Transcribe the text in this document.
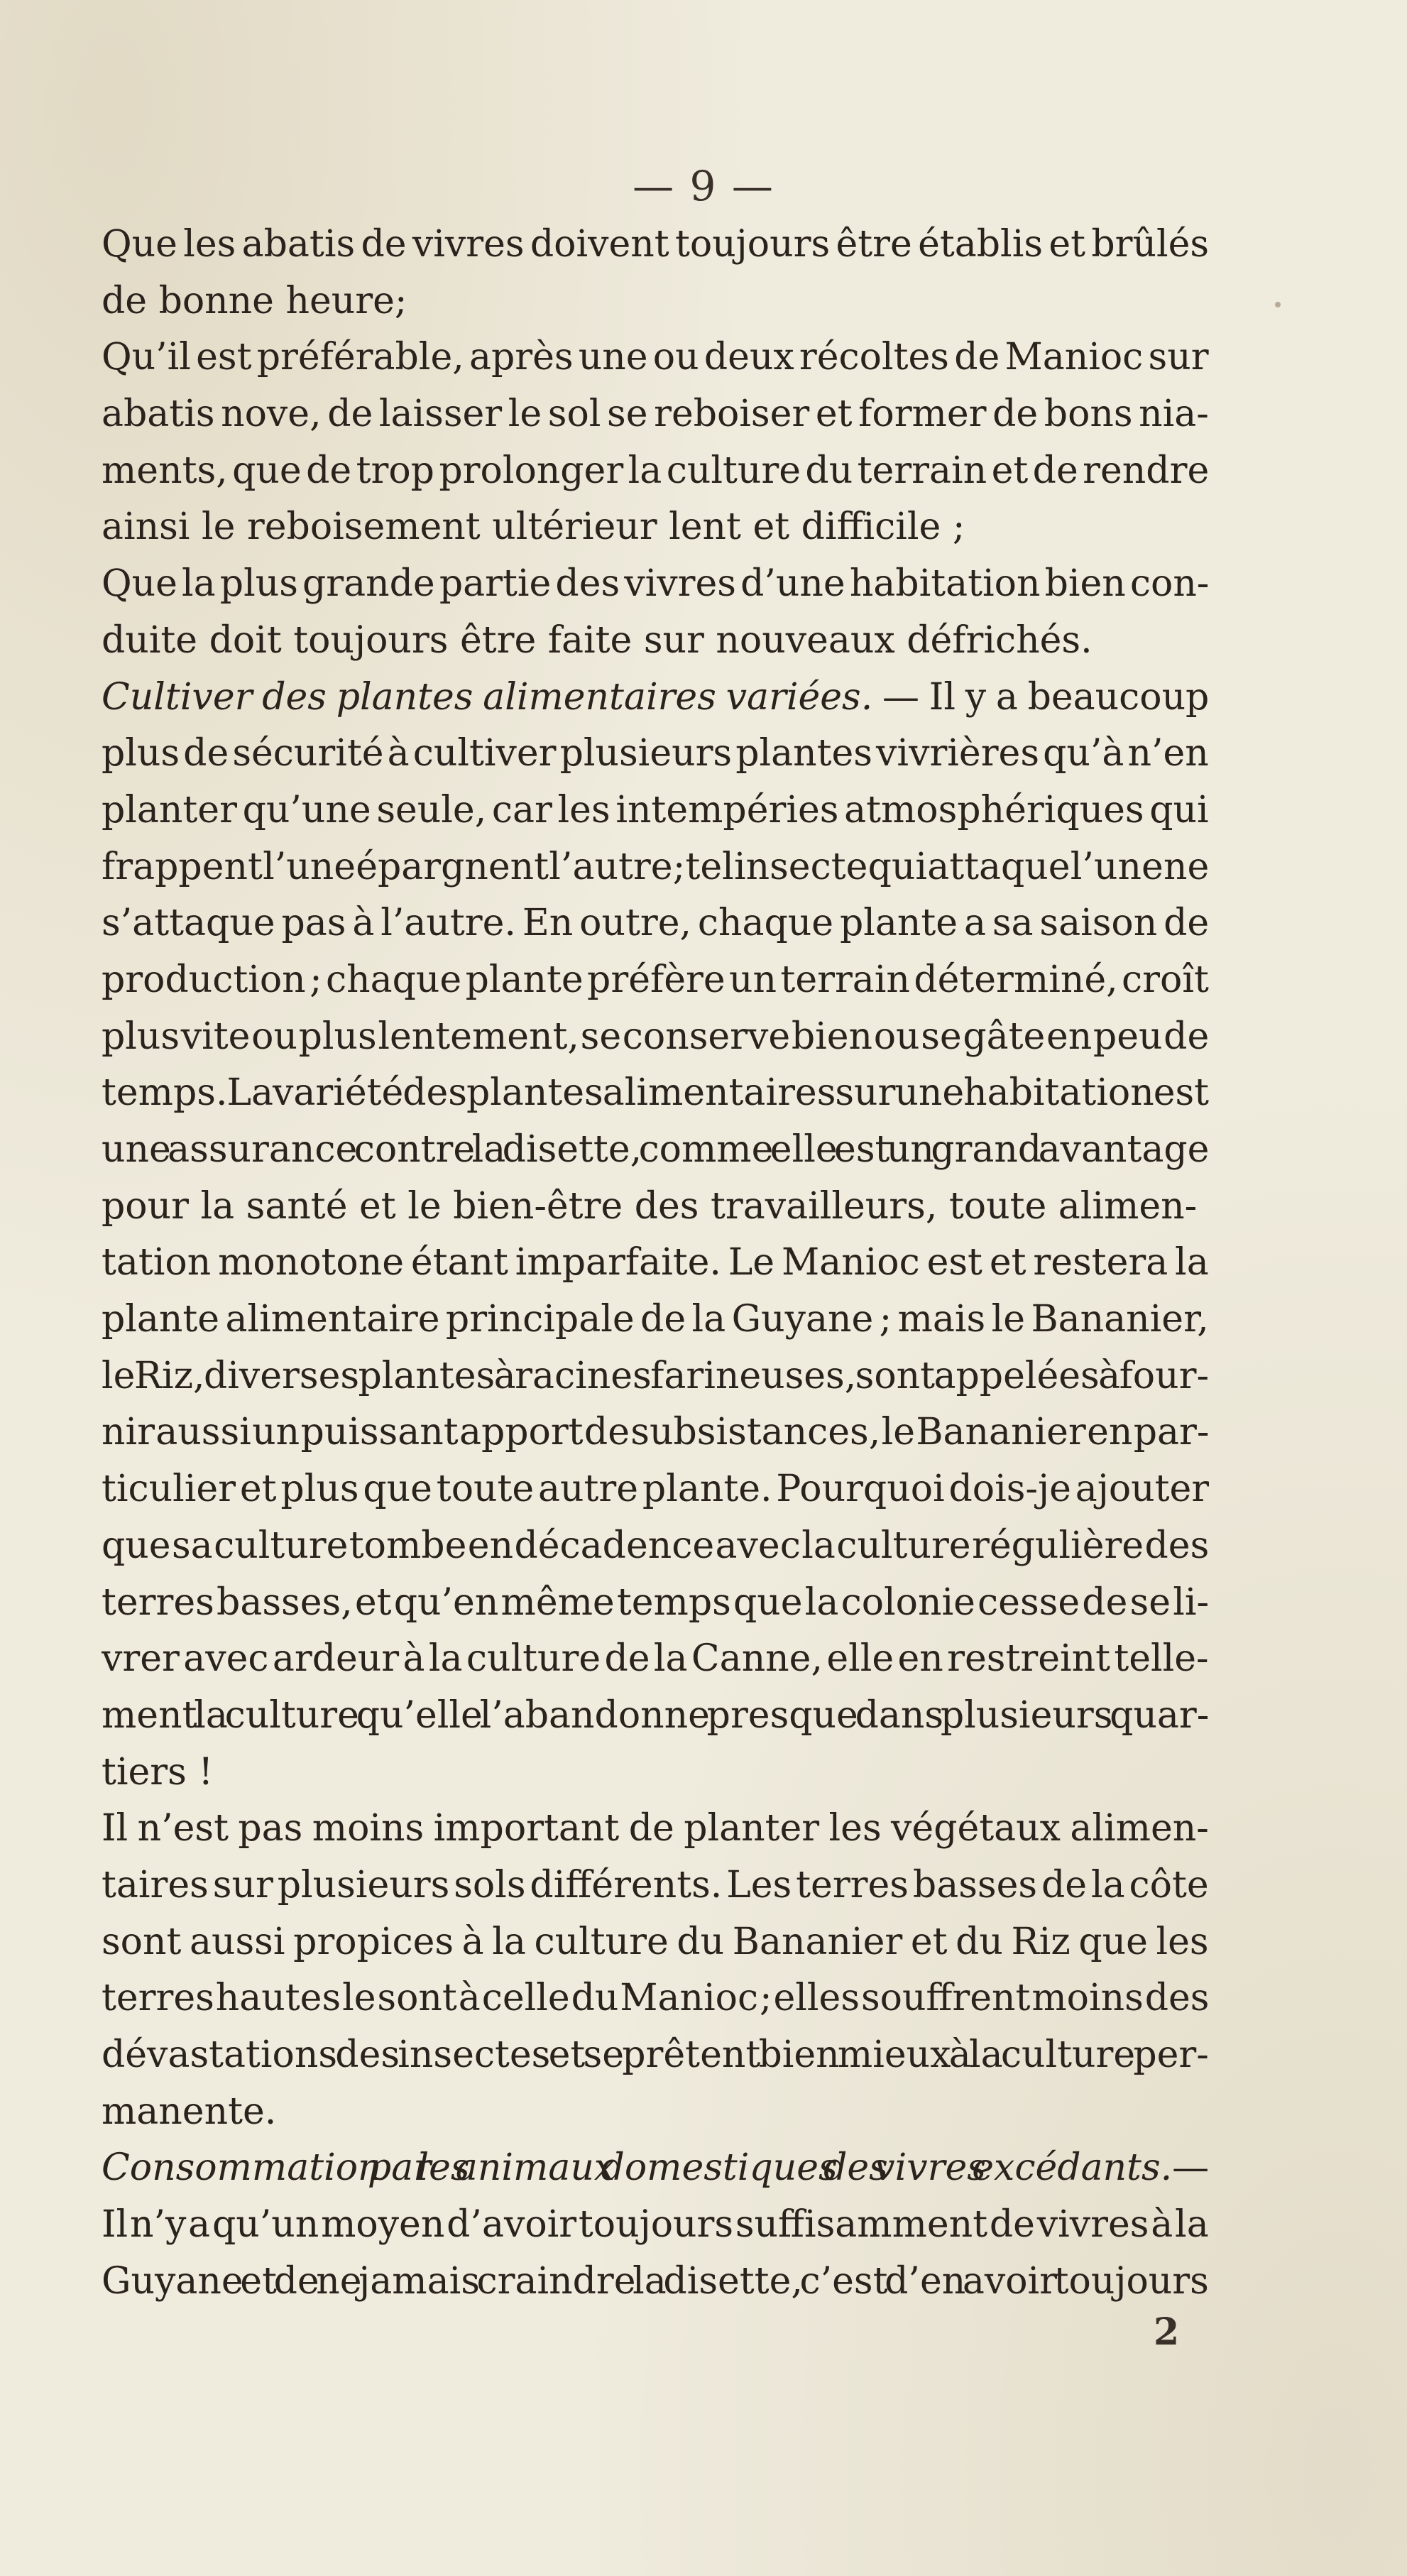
— 9 —
Que les abatis de vivres doivent toujours être établis et brûlés
de bonne heure;
Qu’il est préférable, après une ou deux récoltes de Manioc sur
abatis nove, de laisser le sol se reboiser et former de bons nia-
ments, que de trop prolonger la culture du terrain et de rendre
ainsi le reboisement ultérieur lent et difficile ;
Que la plus grande partie des vivres d’une habitation bien con-
duite doit toujours être faite sur nouveaux défrichés.
Cultiver des plantes alimentaires variées. — Il y a beaucoup
plus de sécurité à cultiver plusieurs plantes vivrières qu’à n’en
planter qu’une seule, car les intempéries atmosphériques qui
frappent l’une épargnent l’autre ; tel insecte qui attaque l’une ne
s’attaque pas à l’autre. En outre, chaque plante a sa saison de
production ; chaque plante préfère un terrain déterminé, croît
plus vite ou plus lentement, se conserve bien ou se gâte en peu de
temps. La variété des plantes alimentaires sur une habitation est
une assurance contre la disette, comme elle est un grand avantage
pour la santé et le bien-être des travailleurs, toute alimen-
tation monotone étant imparfaite. Le Manioc est et restera la
plante alimentaire principale de la Guyane ; mais le Bananier,
le Riz, diverses plantes à racines farineuses, sont appelées à four-
nir aussi un puissant apport de subsistances, le Bananier en par-
ticulier et plus que toute autre plante. Pourquoi dois-je ajouter
que sa culture tombe en décadence avec la culture régulière des
terres basses, et qu’en même temps que la colonie cesse de se li-
vrer avec ardeur à la culture de la Canne, elle en restreint telle-
ment la culture qu’elle l’abandonne presque dans plusieurs quar-
tiers !
Il n’est pas moins important de planter les végétaux alimen-
taires sur plusieurs sols différents. Les terres basses de la côte
sont aussi propices à la culture du Bananier et du Riz que les
terres hautes le sont à celle du Manioc ; elles souffrent moins des
dévastations des insectes et se prêtent bien mieux à la culture per-
manente.
Consommation par les animaux domestiques des vivres excédants.—
Il n’y a qu’un moyen d’avoir toujours suffisamment de vivres à la
Guyane et de ne jamais craindre la disette, c’est d’en avoir toujours
2
